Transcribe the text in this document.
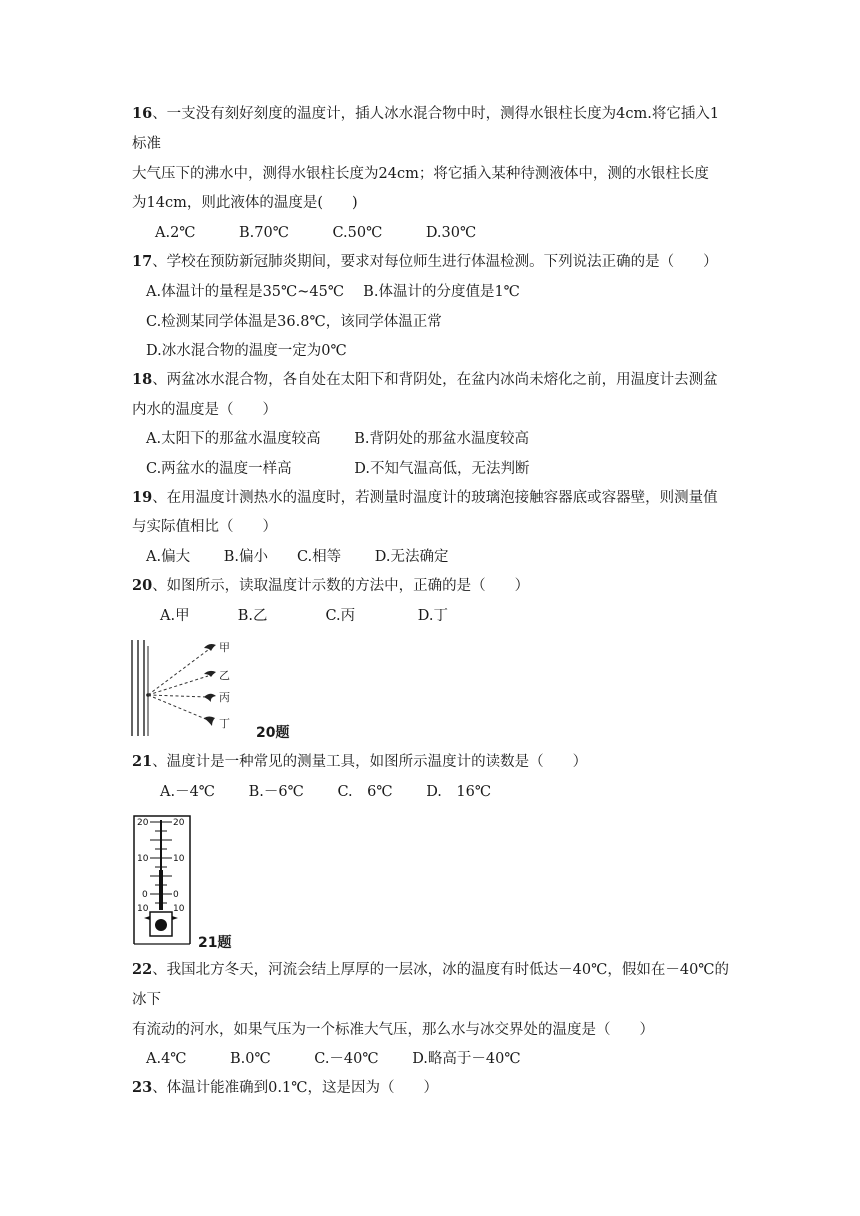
16、一支没有刻好刻度的温度计，插人冰水混合物中时，测得水银柱长度为4cm.将它插入1
标准
大气压下的沸水中，测得水银柱长度为24cm；将它插入某种待测液体中，测的水银柱长度
为14cm，则此液体的温度是(　　)
A.2℃　　　B.70℃　　　C.50℃　　　D.30℃
17、学校在预防新冠肺炎期间，要求对每位师生进行体温检测。下列说法正确的是（　　）
A.体温计的量程是35℃~45℃　 B.体温计的分度值是1℃
C.检测某同学体温是36.8℃，该同学体温正常
D.冰水混合物的温度一定为0℃
18、两盆冰水混合物，各自处在太阳下和背阴处，在盆内冰尚未熔化之前，用温度计去测盆
内水的温度是（　　）
A.太阳下的那盆水温度较高　　 B.背阴处的那盆水温度较高
C.两盆水的温度一样高　　　　 D.不知气温高低，无法判断
19、在用温度计测热水的温度时，若测量时温度计的玻璃泡接触容器底或容器壁，则测量值
与实际值相比（　　）
A.偏大　　 B.偏小　　C.相等　　 D.无法确定
20、如图所示，读取温度计示数的方法中，正确的是（　　）
A.甲　　　 B.乙　　　　C.丙　　　　 D.丁
甲
乙
丙
丁
20题
21、温度计是一种常见的测量工具，如图所示温度计的读数是（　　）
A.－4℃　　 B.－6℃　　 C.　6℃　　 D.　16℃
20	20
10	10
0	0
10	10
21题
22、我国北方冬天，河流会结上厚厚的一层冰，冰的温度有时低达－40℃，假如在－40℃的
冰下
有流动的河水，如果气压为一个标准大气压，那么水与冰交界处的温度是（　　）
A.4℃　　　B.0℃　　　C.－40℃　　 D.略高于－40℃
23、体温计能准确到0.1℃，这是因为（　　）
